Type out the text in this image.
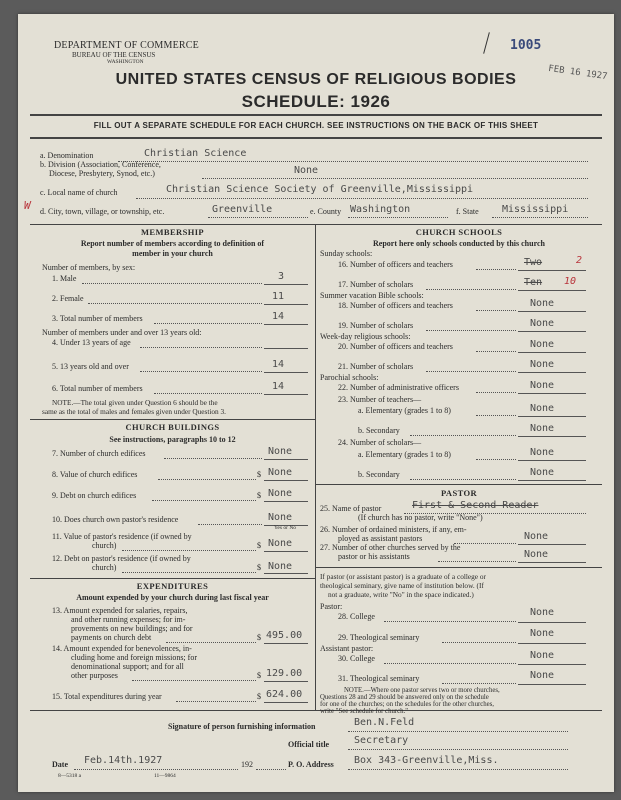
DEPARTMENT OF COMMERCE
BUREAU OF THE CENSUS
WASHINGTON
1005
FEB 16 1927
UNITED STATES CENSUS OF RELIGIOUS BODIES
SCHEDULE: 1926
FILL OUT A SEPARATE SCHEDULE FOR EACH CHURCH. SEE INSTRUCTIONS ON THE BACK OF THIS SHEET
a. Denomination	Christian Science
b. Division (Association, Conference,
Diocese, Presbytery, Synod, etc.)	None
c. Local name of church	Christian Science Society of Greenville,Mississippi
W d. City, town, village, or township, etc.	Greenville	e. County Washington	f. State Mississippi
MEMBERSHIP
Report number of members according to definition of
member in your church
Number of members, by sex:
1. Male	3
2. Female	11
3. Total number of members	14
Number of members under and over 13 years old:
4. Under 13 years of age
5. 13 years old and over	14
6. Total number of members	14
NOTE.—The total given under Question 6 should be the
same as the total of males and females given under Question 3.
CHURCH BUILDINGS
See instructions, paragraphs 10 to 12
7. Number of church edifices	None
8. Value of church edifices	$ None
9. Debt on church edifices	$ None
10. Does church own pastor's residence	None
Yes or No
11. Value of pastor's residence (if owned by
church)	$ None
12. Debt on pastor's residence (if owned by
church)	$ None
EXPENDITURES
Amount expended by your church during last fiscal year
13. Amount expended for salaries, repairs,
and other running expenses; for im-
provements on new buildings; and for
payments on church debt	$ 495.00
14. Amount expended for benevolences, in-
cluding home and foreign missions; for
denominational support; and for all
other purposes	$ 129.00
15. Total expenditures during year	$ 624.00
CHURCH SCHOOLS
Report here only schools conducted by this church
Sunday schools:
16. Number of officers and teachers	Two	2
17. Number of scholars	Ten 10
Summer vacation Bible schools:
18. Number of officers and teachers	None
19. Number of scholars	None
Week-day religious schools:
20. Number of officers and teachers	None
21. Number of scholars	None
Parochial schools:
22. Number of administrative officers	None
23. Number of teachers—
a. Elementary (grades 1 to 8)	None
b. Secondary	None
24. Number of scholars—
a. Elementary (grades 1 to 8)	None
b. Secondary	None
PASTOR
25. Name of pastor	First & Second Reader
(If church has no pastor, write "None")
26. Number of ordained ministers, if any, em-
ployed as assistant pastors	None
27. Number of other churches served by the
pastor or his assistants	None
If pastor (or assistant pastor) is a graduate of a college or
theological seminary, give name of institution below. (If
not a graduate, write "No" in the space indicated.)
Pastor:
28. College	None
29. Theological seminary	None
Assistant pastor:
30. College	None
31. Theological seminary	None
NOTE.—Where one pastor serves two or more churches,
Questions 28 and 29 should be answered only on the schedule
for one of the churches; on the schedules for the other churches,
write "See schedule for church."
Signature of person furnishing information	Ben.N.Feld
Official title Secretary
Date Feb.14th.1927	192	P. O. Address Box 343-Greenville,Miss.
8—5318 a	11—9864
